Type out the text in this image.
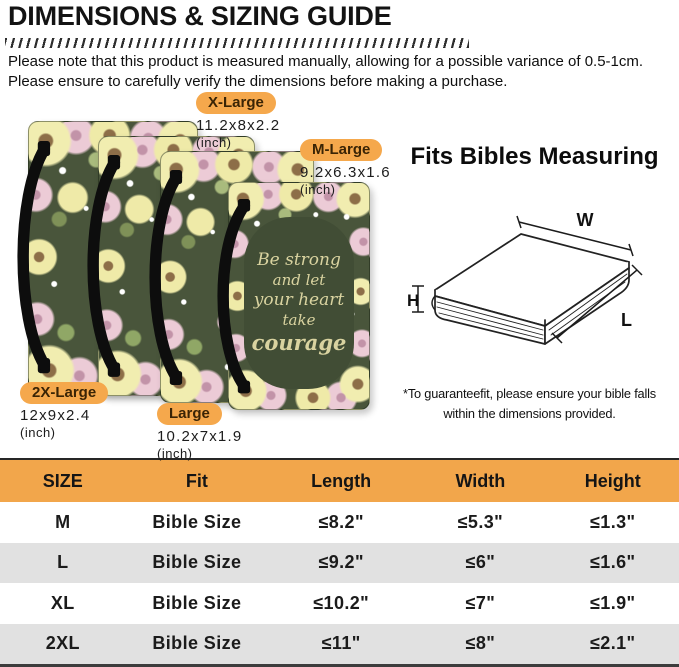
DIMENSIONS & SIZING GUIDE
Please note that this product is measured manually, allowing for a possible variance of 0.5-1cm.
Please ensure to carefully verify the dimensions before making a purchase.
Be strong
and let
your heart
take
courage
X-Large
11.2x8x2.2
(inch)	M-Large
9.2x6.3x1.6
(inch)
2X-Large
12x9x2.4
(inch)
Large
10.2x7x1.9
(inch)
Fits Bibles Measuring
W
H
L
*To guaranteefit, please ensure your bible falls
within the dimensions provided.
SIZE	Fit	Length	Width	Height
M	Bible Size	≤8.2"	≤5.3"	≤1.3"
L	Bible Size	≤9.2"	≤6"	≤1.6"
XL	Bible Size	≤10.2"	≤7"	≤1.9"
2XL	Bible Size	≤11"	≤8"	≤2.1"
